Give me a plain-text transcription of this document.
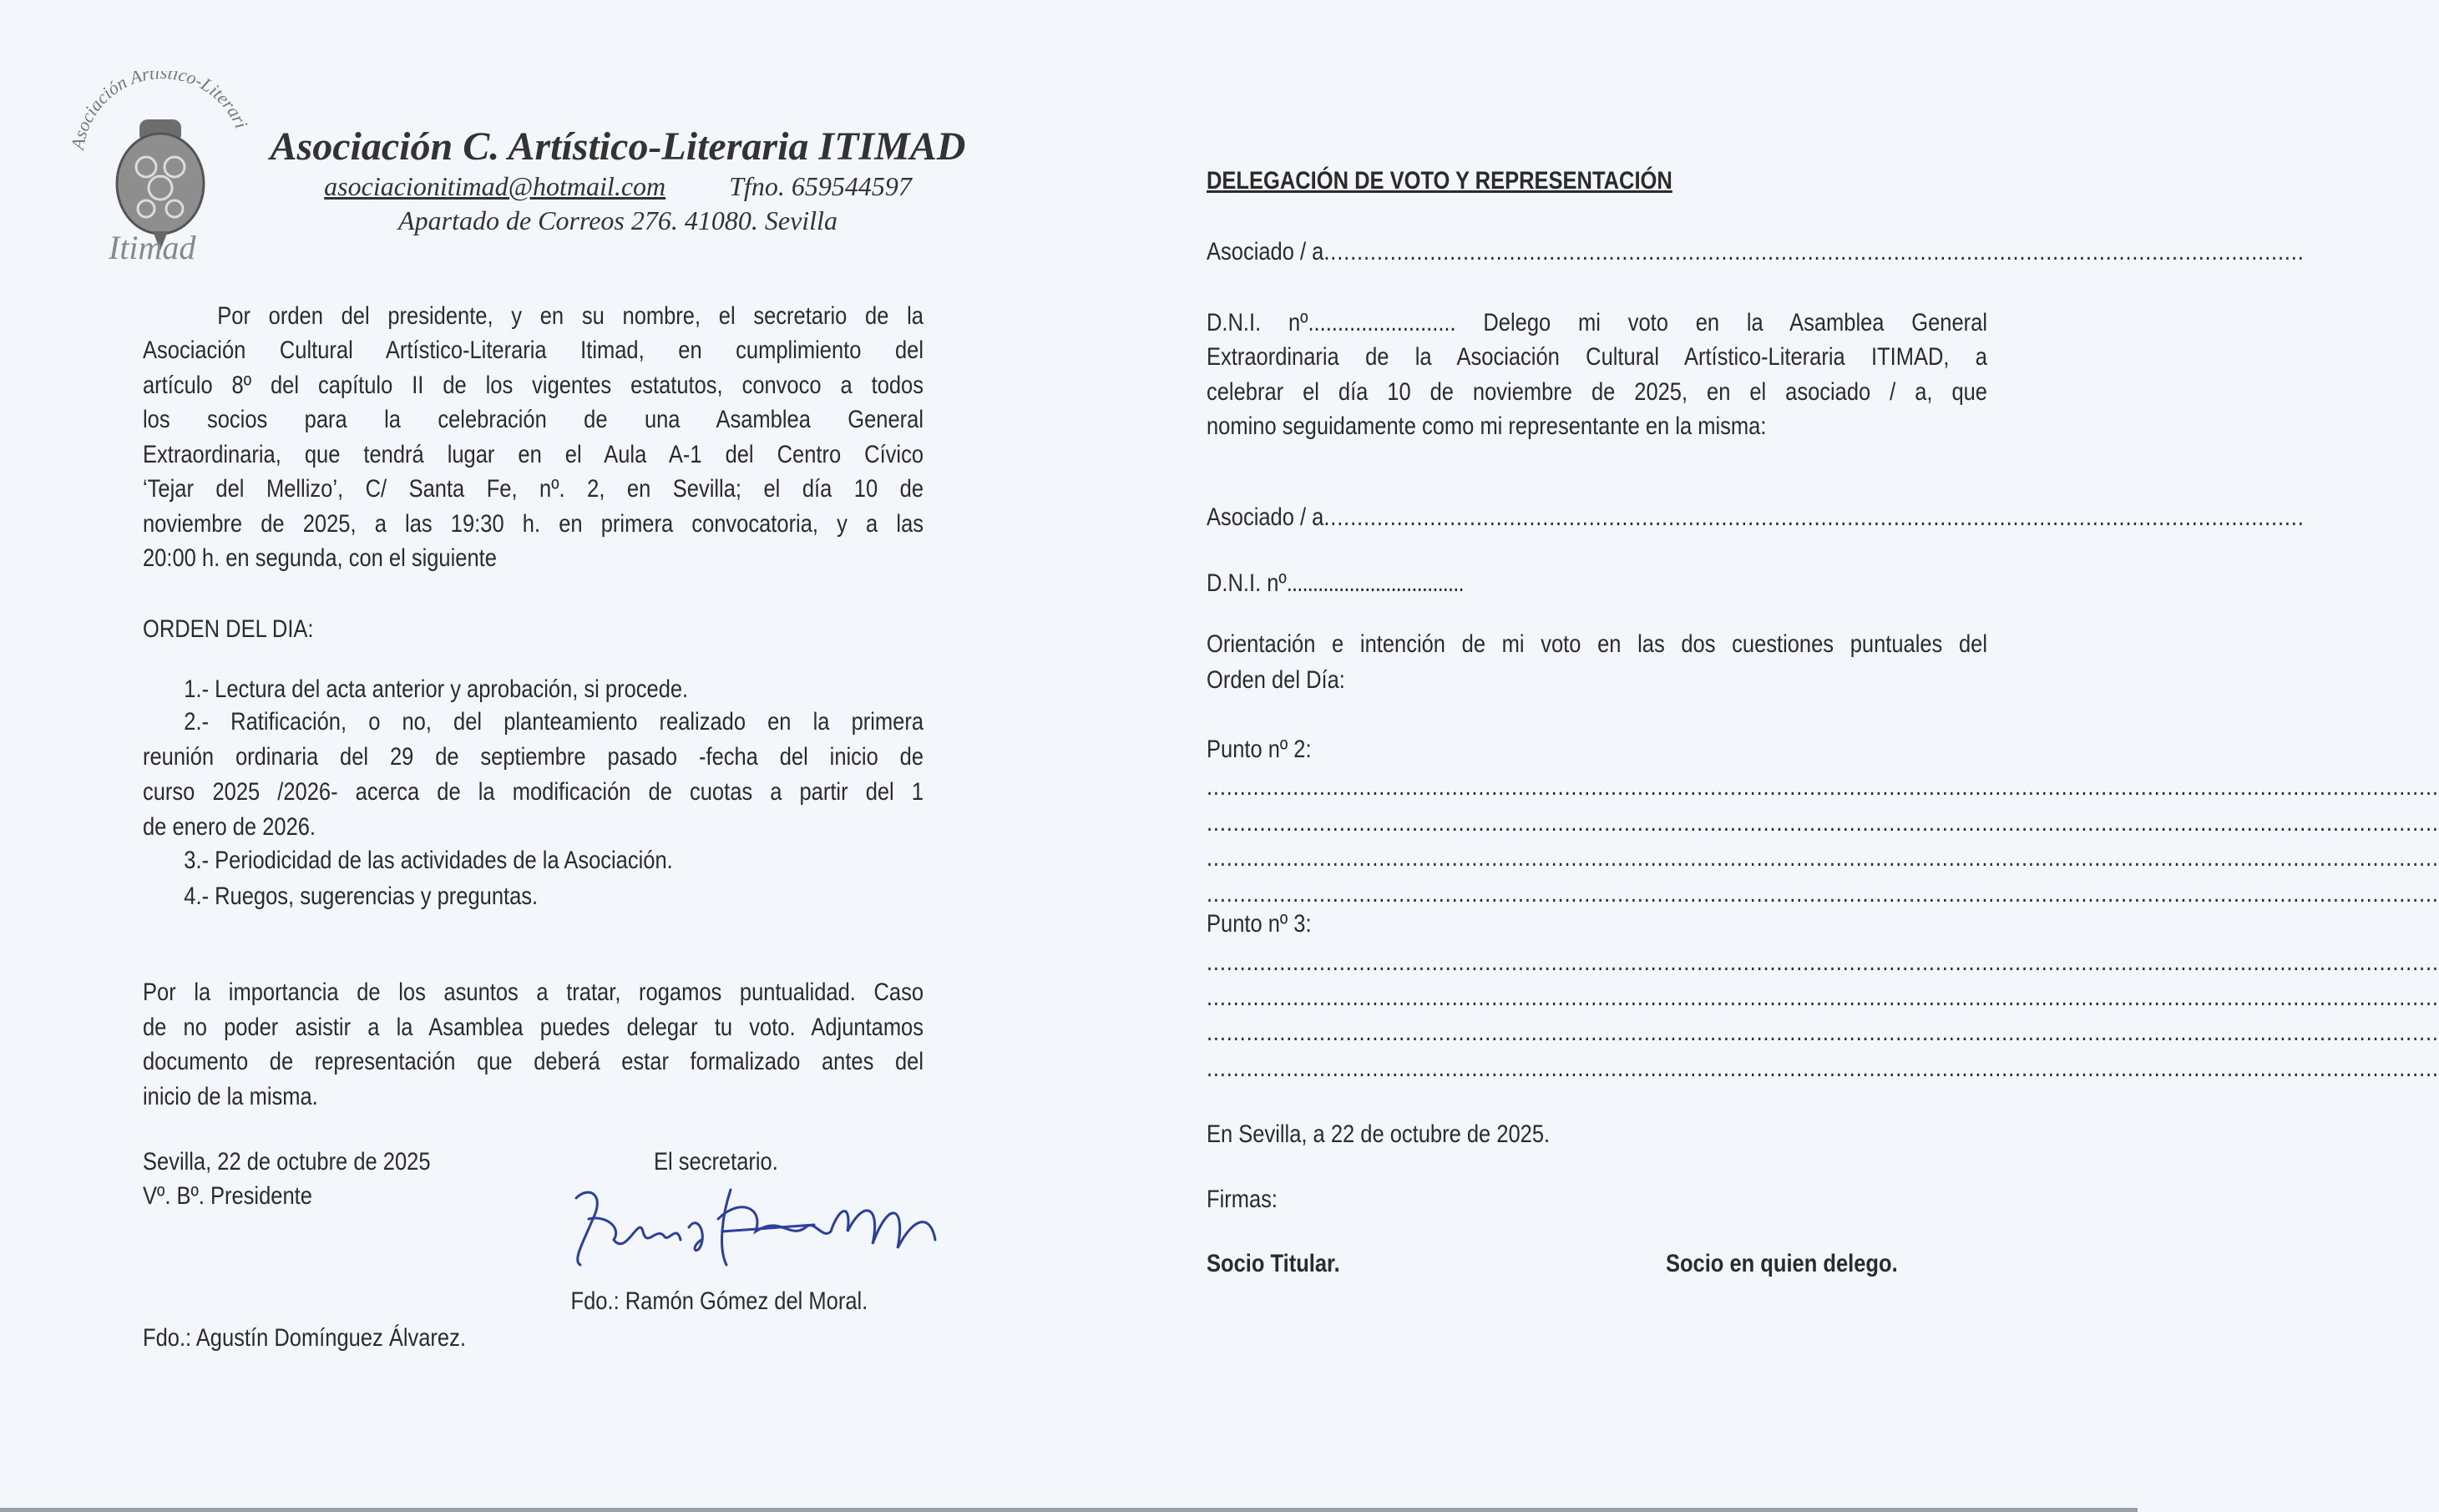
Asociación Artístico-Literari
Itimad
Asociación C. Artístico-Literaria ITIMAD
asociacionitimad@hotmail.com Tfno. 659544597
Apartado de Correos 276. 41080. Sevilla
Por orden del presidente, y en su nombre, el secretario de la
Asociación Cultural Artístico-Literaria Itimad, en cumplimiento del
artículo 8º del capítulo II de los vigentes estatutos, convoco a todos
los socios para la celebración de una Asamblea General
Extraordinaria, que tendrá lugar en el Aula A-1 del Centro Cívico
‘Tejar del Mellizo’, C/ Santa Fe, nº. 2, en Sevilla; el día 10 de
noviembre de 2025, a las 19:30 h. en primera convocatoria, y a las
20:00 h. en segunda, con el siguiente
ORDEN DEL DIA:
1.- Lectura del acta anterior y aprobación, si procede.
2.- Ratificación, o no, del planteamiento realizado en la primera
reunión ordinaria del 29 de septiembre pasado -fecha del inicio de
curso 2025 /2026- acerca de la modificación de cuotas a partir del 1
de enero de 2026.
3.- Periodicidad de las actividades de la Asociación.
4.- Ruegos, sugerencias y preguntas.
Por la importancia de los asuntos a tratar, rogamos puntualidad. Caso
de no poder asistir a la Asamblea puedes delegar tu voto. Adjuntamos
documento de representación que deberá estar formalizado antes del
inicio de la misma.
Sevilla, 22 de octubre de 2025	El secretario.
Vº. Bº. Presidente
Fdo.: Ramón Gómez del Moral.
Fdo.: Agustín Domínguez Álvarez.
DELEGACIÓN DE VOTO Y REPRESENTACIÓN
Asociado / a ....................................................................................................................................................
D.N.I. nº......................... Delego mi voto en la Asamblea General
Extraordinaria de la Asociación Cultural Artístico-Literaria ITIMAD, a
celebrar el día 10 de noviembre de 2025, en el asociado / a, que
nomino seguidamente como mi representante en la misma:
Asociado / a ....................................................................................................................................................
D.N.I. nº..................................
Orientación e intención de mi voto en las dos cuestiones puntuales del
Orden del Día:
Punto nº 2:
..........................................................................................................................................................................................
..........................................................................................................................................................................................
..........................................................................................................................................................................................
..........................................................................................................................................................................................
Punto nº 3:
..........................................................................................................................................................................................
..........................................................................................................................................................................................
..........................................................................................................................................................................................
..........................................................................................................................................................................................
En Sevilla, a 22 de octubre de 2025.
Firmas:
Socio Titular.	Socio en quien delego.
